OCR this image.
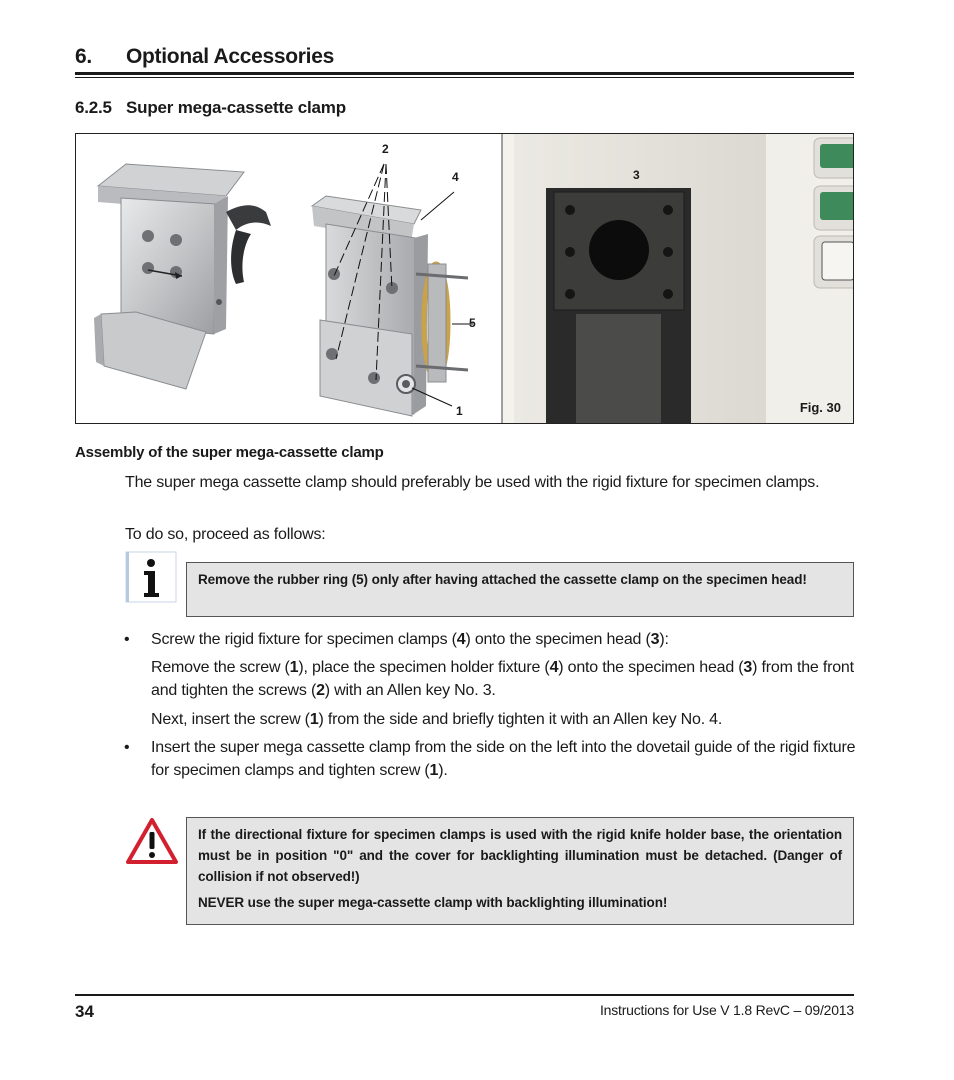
6. Optional Accessories
6.2.5 Super mega-cassette clamp
2
4
5
1
3
Fig. 30
Assembly of the super mega-cassette clamp
The super mega cassette clamp should preferably be used with the rigid fixture for specimen clamps.
To do so, proceed as follows:
Remove the rubber ring (5) only after having attached the cassette clamp on the specimen head!
• Screw the rigid fixture for specimen clamps (4) onto the specimen head (3):
Remove the screw (1), place the specimen holder fixture (4) onto the specimen head (3) from the front and tighten the screws (2) with an Allen key No. 3.
Next, insert the screw (1) from the side and briefly tighten it with an Allen key No. 4.
• Insert the super mega cassette clamp from the side on the left into the dovetail guide of the rigid fixture for specimen clamps and tighten screw (1).

If the directional fixture for specimen clamps is used with the rigid knife holder base, the orientation must be in position "0" and the cover for backlighting illumination must be detached. (Danger of collision if not observed!)

NEVER use the super mega-cassette clamp with backlighting illumination!

34	Instructions for Use V 1.8 RevC – 09/2013
